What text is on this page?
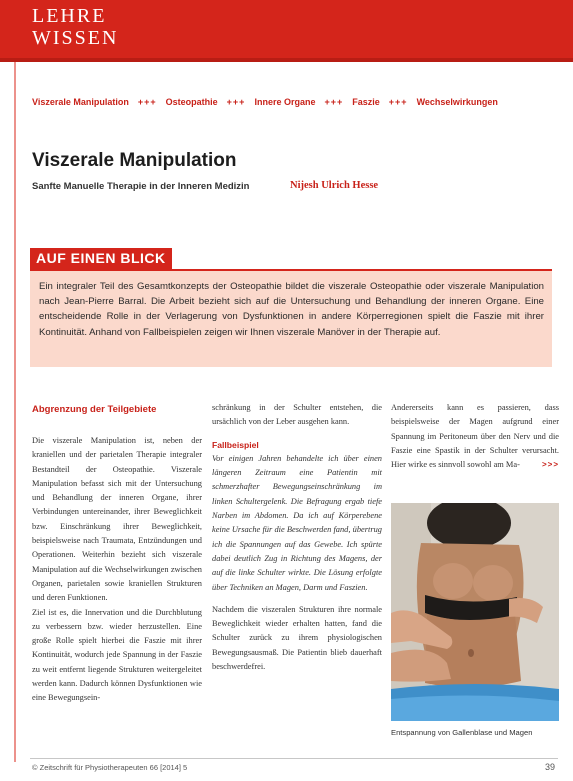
LEHRE
WISSEN
Viszerale Manipulation +++ Osteopathie +++ Innere Organe +++ Faszie +++ Wechselwirkungen
Viszerale Manipulation
Sanfte Manuelle Therapie in der Inneren Medizin	Nijesh Ulrich Hesse
AUF EINEN BLICK
Ein integraler Teil des Gesamtkonzepts der Osteopathie bildet die viszerale Osteopathie oder viszerale Manipulation nach Jean-Pierre Barral. Die Arbeit bezieht sich auf die Untersuchung und Behandlung der inneren Organe. Eine entscheidende Rolle in der Verlagerung von Dysfunktionen in andere Körperregionen spielt die Faszie mit ihrer Kontinuität. Anhand von Fallbeispielen zeigen wir Ihnen viszerale Manöver in der Therapie auf.
Abgrenzung der Teilgebiete

Die viszerale Manipulation ist, neben der kraniellen und der parietalen Therapie integraler Bestandteil der Osteopathie. Viszerale Manipulation befasst sich mit der Untersuchung und Behandlung der inneren Organe, ihrer Verbindungen untereinander, ihrer Beweglichkeit bzw. Einschränkung ihrer Beweglichkeit, beispielsweise nach Traumata, Entzündungen und Operationen. Weiterhin bezieht sich viszerale Manipulation auf die Wechselwirkungen zwischen Organen, parietalen sowie kraniellen Strukturen und deren Funktionen.

Ziel ist es, die Innervation und die Durchblutung zu verbessern bzw. wieder herzustellen. Eine große Rolle spielt hierbei die Faszie mit ihrer Kontinuität, wodurch jede Spannung in der Faszie zu weit entfernt liegende Strukturen weitergeleitet werden kann. Dadurch können Dysfunktionen wie eine Bewegungsein-

schränkung in der Schulter entstehen, die ursächlich von der Leber ausgehen kann.

Fallbeispiel

Vor einigen Jahren behandelte ich über einen längeren Zeitraum eine Patientin mit schmerzhafter Bewegungseinschränkung im linken Schultergelenk. Die Befragung ergab tiefe Narben im Abdomen. Da ich auf Körperebene keine Ursache für die Beschwerden fand, übertrug ich die Spannungen auf das Gewebe. Ich spürte dabei deutlich Zug in Richtung des Magens, der auf die linke Schulter wirkte. Die Lösung erfolgte über Techniken an Magen, Darm und Faszien.

Nachdem die viszeralen Strukturen ihre normale Beweglichkeit wieder erhalten hatten, fand die Schulter zurück zu ihrem physiologischen Bewegungsausmaß. Die Patientin blieb dauerhaft beschwerdefrei.

Andererseits kann es passieren, dass beispielsweise der Magen aufgrund einer Spannung im Peritoneum über den Nerv und die Faszie eine Spastik in der Schulter verursacht. Hier wirke es sinnvoll sowohl am Ma-	>>>

Entspannung von Gallenblase und Magen
© Zeitschrift für Physiotherapeuten 66 [2014] 5	39
